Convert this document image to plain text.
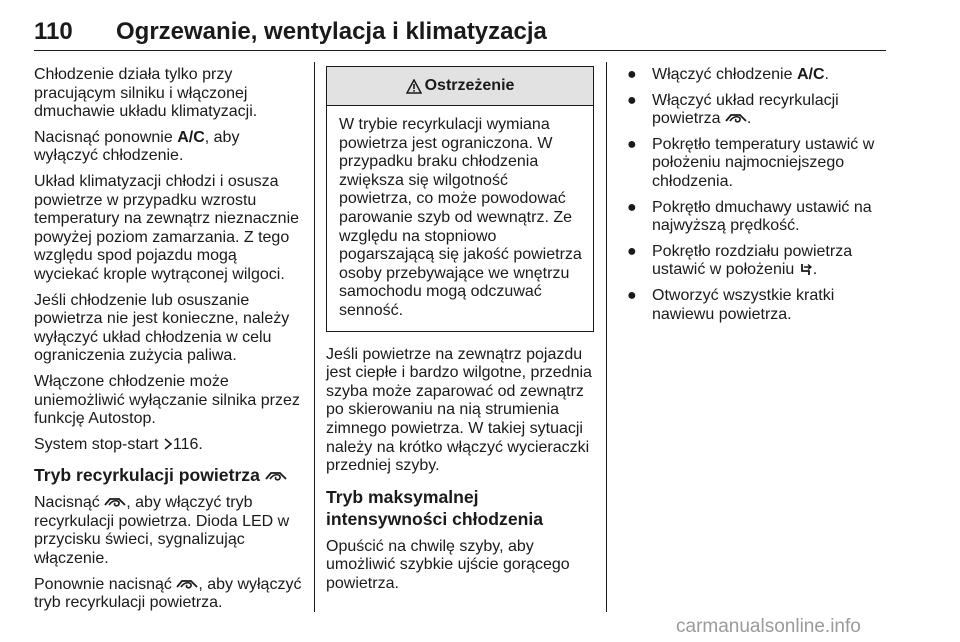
110 Ogrzewanie, wentylacja i klimatyzacja

Chłodzenie działa tylko przy pracującym silniku i włączonej dmuchawie układu klimatyzacji.

Nacisnąć ponownie A/C, aby wyłączyć chłodzenie.

Układ klimatyzacji chłodzi i osusza powietrze w przypadku wzrostu temperatury na zewnątrz nieznacznie powyżej poziom zamarzania. Z tego względu spod pojazdu mogą wyciekać krople wytrąconej wilgoci.

Jeśli chłodzenie lub osuszanie powietrza nie jest konieczne, należy wyłączyć układ chłodzenia w celu ograniczenia zużycia paliwa.

Włączone chłodzenie może uniemożliwić wyłączanie silnika przez funkcję Autostop.

System stop-start 116.

Tryb recyrkulacji powietrza

Nacisnąć , aby włączyć tryb recyrkulacji powietrza. Dioda LED w przycisku świeci, sygnalizując włączenie.

Ponownie nacisnąć , aby wyłączyć tryb recyrkulacji powietrza.

Ostrzeżenie
W trybie recyrkulacji wymiana powietrza jest ograniczona. W przypadku braku chłodzenia zwiększa się wilgotność powietrza, co może powodować parowanie szyb od wewnątrz. Ze względu na stopniowo pogarszającą się jakość powietrza osoby przebywające we wnętrzu samochodu mogą odczuwać senność.

Jeśli powietrze na zewnątrz pojazdu jest ciepłe i bardzo wilgotne, przednia szyba może zaparować od zewnątrz po skierowaniu na nią strumienia zimnego powietrza. W takiej sytuacji należy na krótko włączyć wycieraczki przedniej szyby.

Tryb maksymalnej intensywności chłodzenia

Opuścić na chwilę szyby, aby umożliwić szybkie ujście gorącego powietrza.

● Włączyć chłodzenie A/C.
● Włączyć układ recyrkulacji powietrza .
● Pokrętło temperatury ustawić w położeniu najmocniejszego chłodzenia.
● Pokrętło dmuchawy ustawić na najwyższą prędkość.
● Pokrętło rozdziału powietrza ustawić w położeniu .
● Otworzyć wszystkie kratki nawiewu powietrza.
carmanualsonline.info
